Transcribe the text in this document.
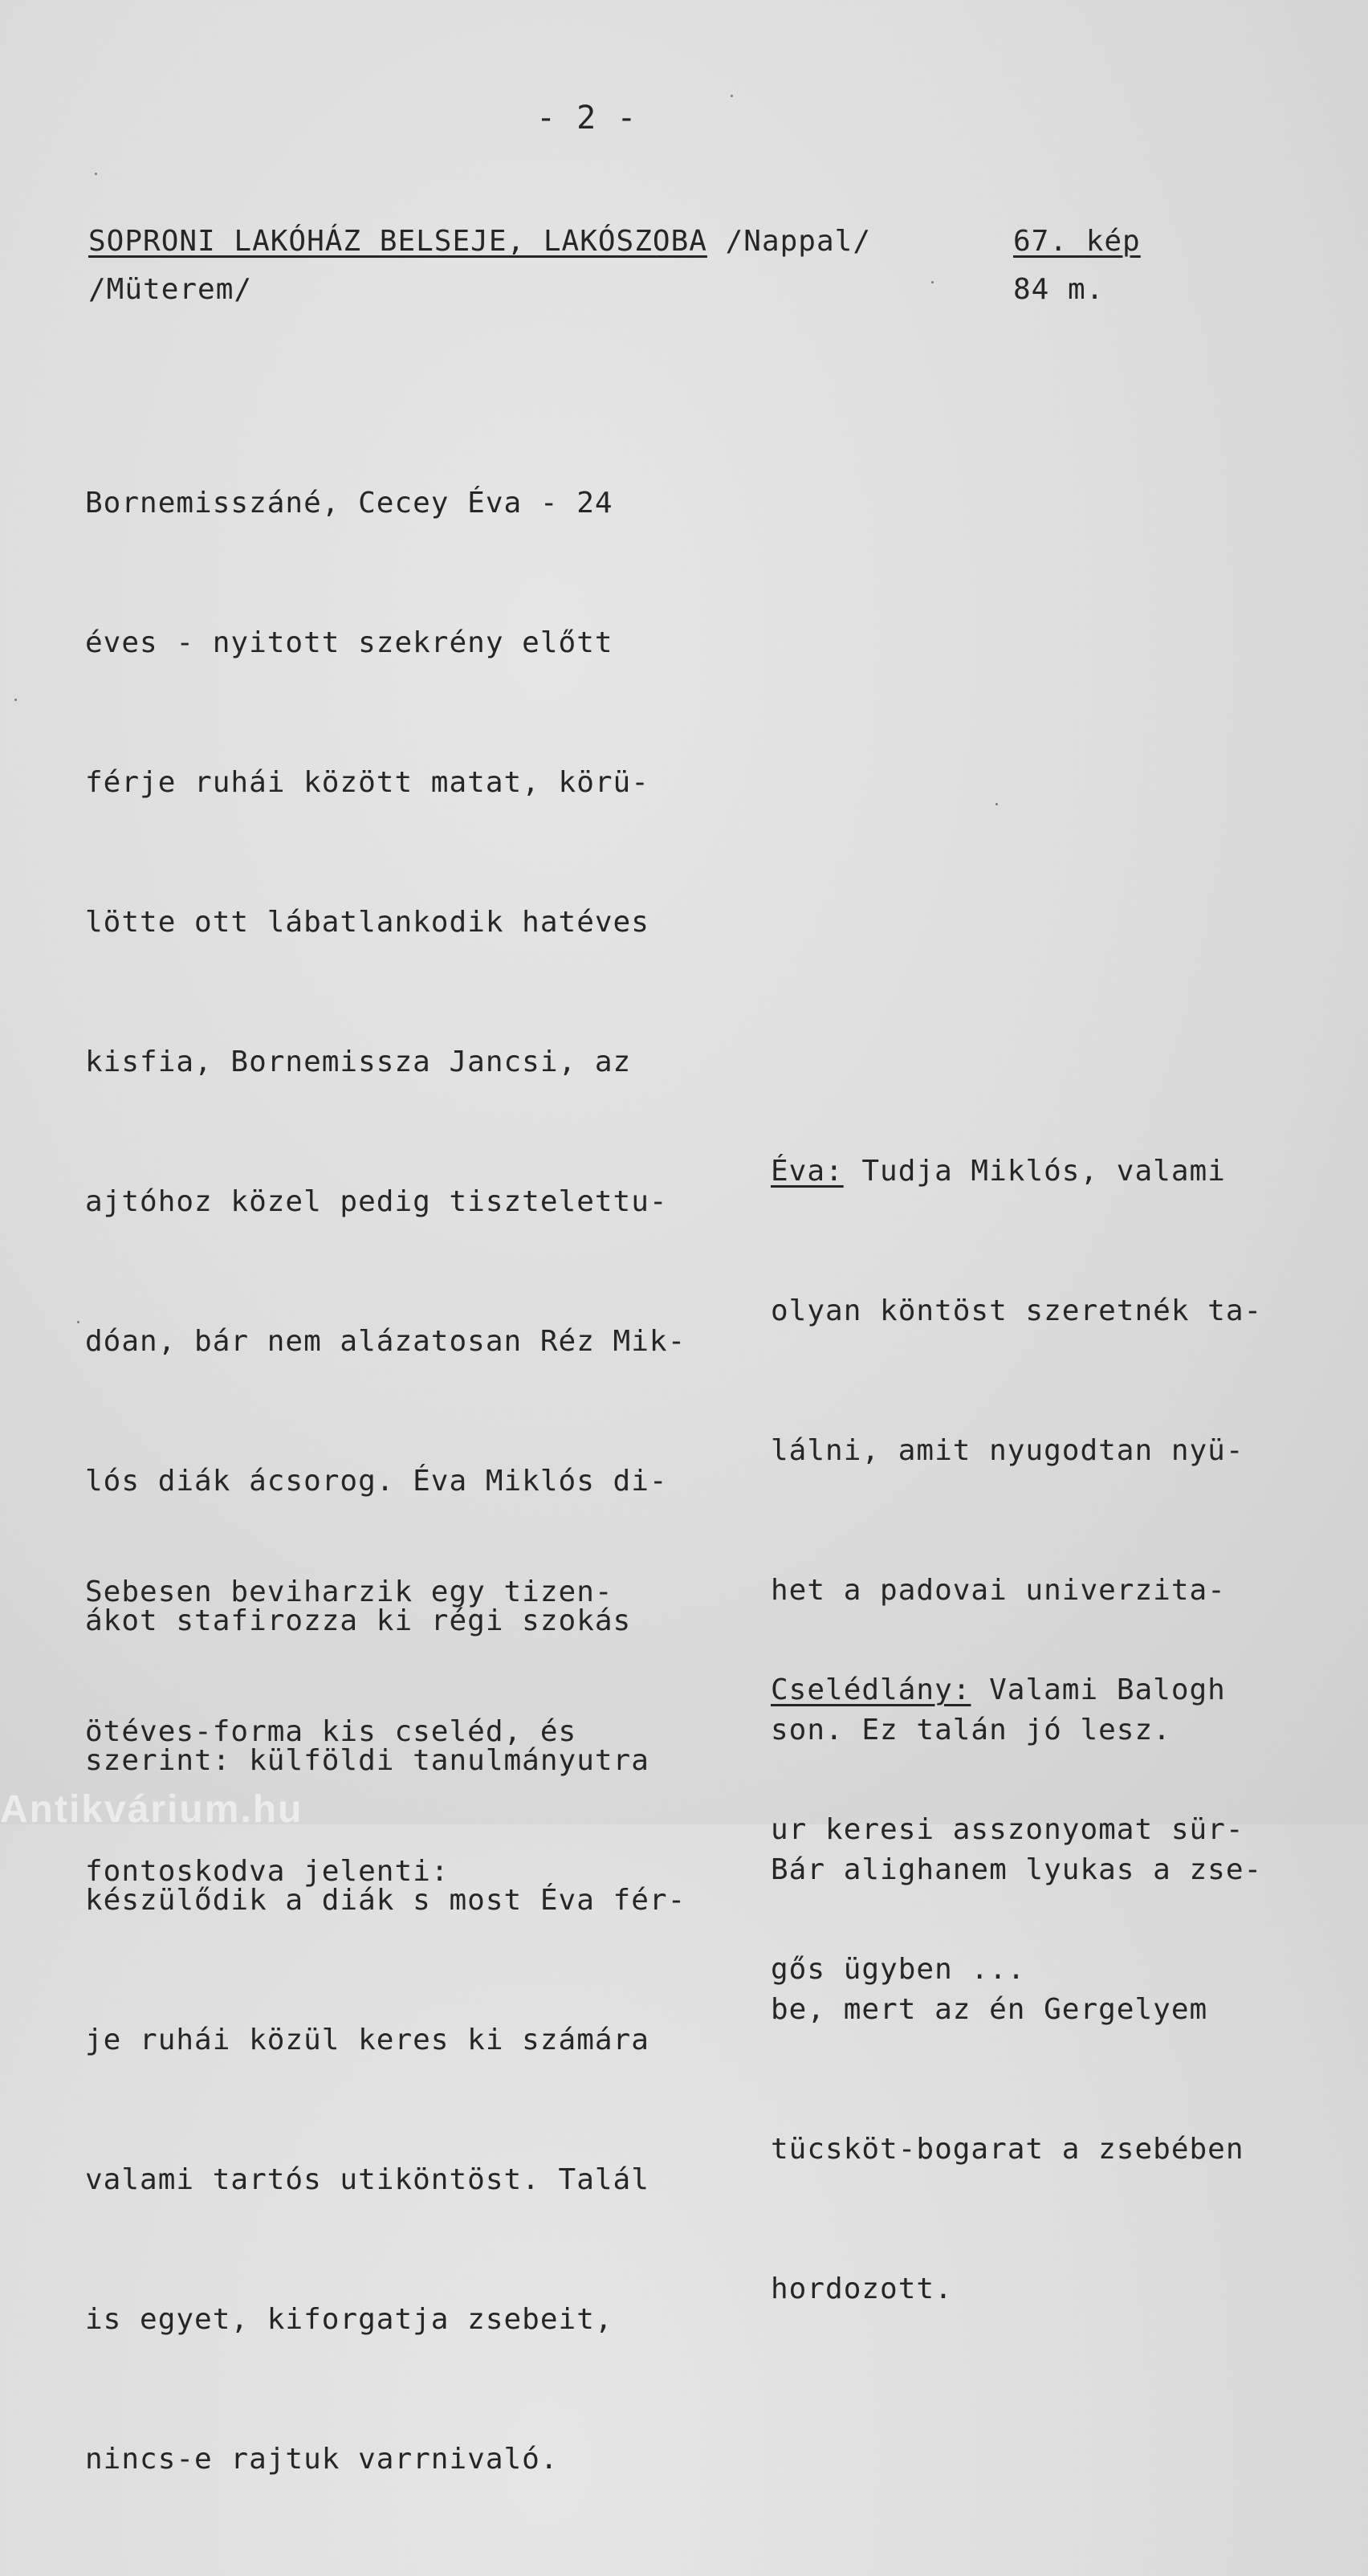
- 2 -
SOPRONI LAKÓHÁZ BELSEJE, LAKÓSZOBA /Nappal/
/Müterem/
67. kép
84 m.

Bornemisszáné, Cecey Éva - 24

éves - nyitott szekrény előtt

férje ruhái között matat, körü-

lötte ott lábatlankodik hatéves

kisfia, Bornemissza Jancsi, az

ajtóhoz közel pedig tisztelettu-

dóan, bár nem alázatosan Réz Mik-

lós diák ácsorog. Éva Miklós di-

ákot stafirozza ki régi szokás

szerint: külföldi tanulmányutra

készülődik a diák s most Éva fér-

je ruhái közül keres ki számára

valami tartós utiköntöst. Talál

is egyet, kiforgatja zsebeit,

nincs-e rajtuk varrnivaló.

Éva: Tudja Miklós, valami

olyan köntöst szeretnék ta-

lálni, amit nyugodtan nyü-

het a padovai univerzita-

son. Ez talán jó lesz.

Bár alighanem lyukas a zse-

be, mert az én Gergelyem

tücsköt-bogarat a zsebében

hordozott.

Sebesen beviharzik egy tizen-

ötéves-forma kis cseléd, és

fontoskodva jelenti:

Cselédlány: Valami Balogh

ur keresi asszonyomat sür-

gős ügyben ...

Antikvárium.hu
